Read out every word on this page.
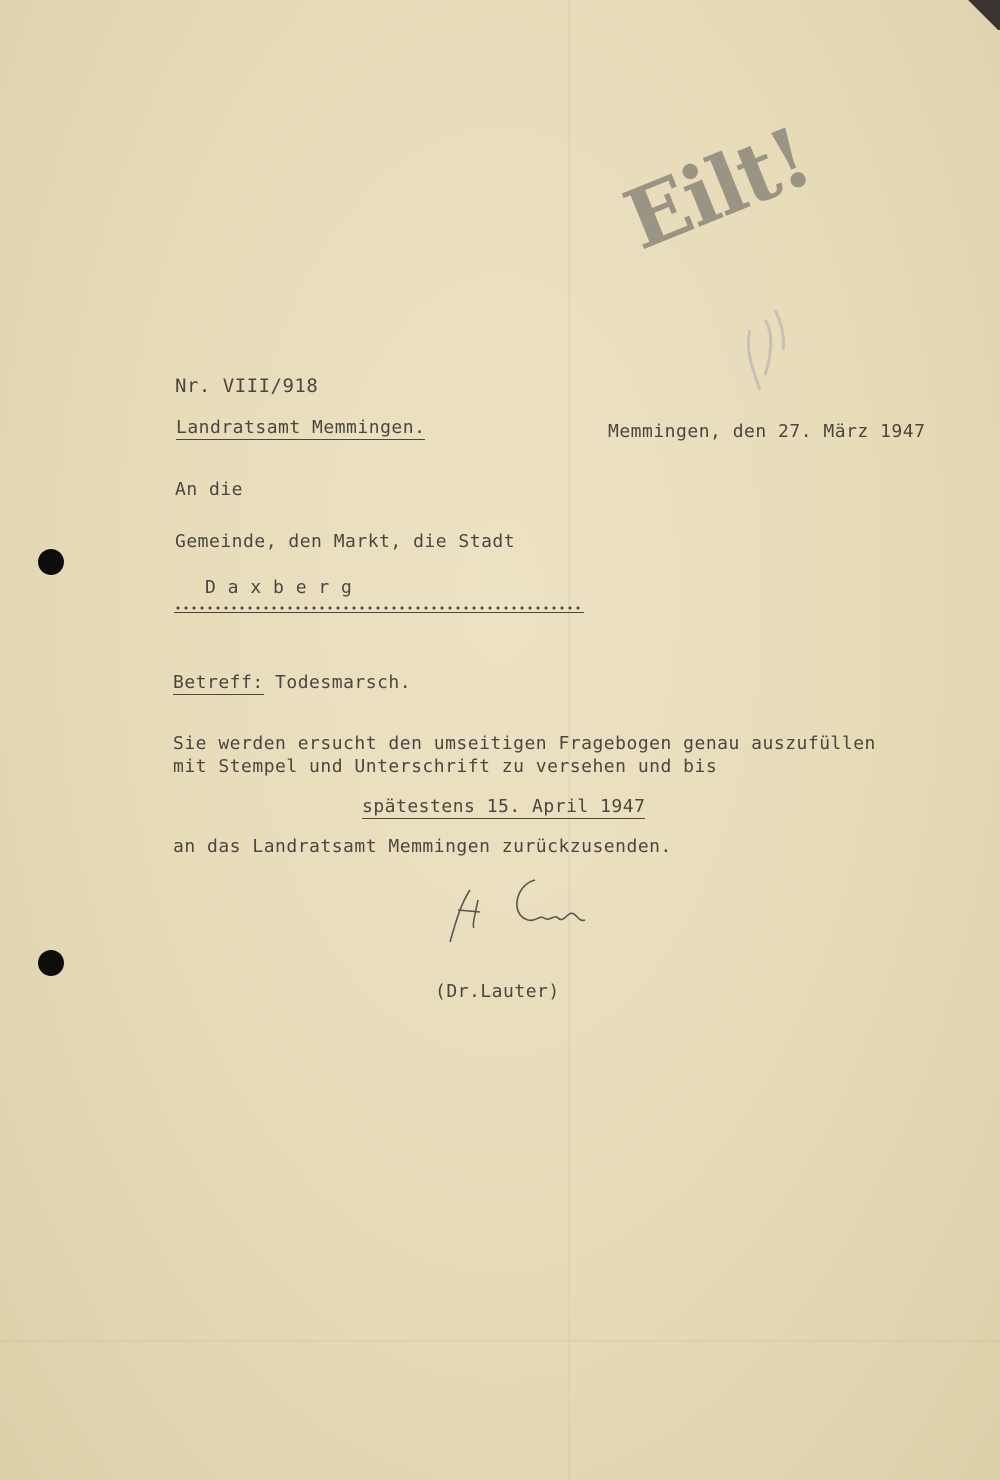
Eilt!
Nr. VIII/918
Landratsamt Memmingen.	Memmingen, den 27. März 1947
An die
Gemeinde, den Markt, die Stadt
D a x b e r g
Betreff: Todesmarsch.
Sie werden ersucht den umseitigen Fragebogen genau auszufüllen
mit Stempel und Unterschrift zu versehen und bis
spätestens 15. April 1947
an das Landratsamt Memmingen zurückzusenden.
(Dr.Lauter)
